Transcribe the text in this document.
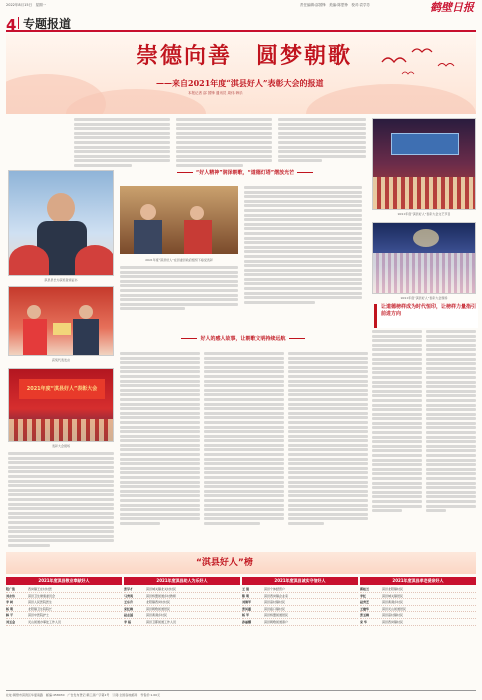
2022年8月15日　星期一	责任编辑:邵国锋　美编:陈思铮　校对:袁学芳	鹤壁日报
4 专题报道
崇德向善　圆梦朝歌
——来自2021年度“淇县好人”表彰大会的报道
本报记者 邵 国锋 通讯员 周伟 韩乐
淇县县长为获奖者颁证书
获奖代表发言
2021年度“淇县好人”表彰大会
表彰大会现场
“好人精神”润泽朝歌，“道德灯塔”熠放光芒
2021年度“淇县好人”在县委县政府组织下接受表彰
好人的感人故事，让朝歌文明持续远航
2021年度“淇县好人”表彰大会文艺节目
2021年度“淇县好人”表彰大会现场
让道德榜样成为时代恒印，让榜样力量指引前进方向
“淇县好人”榜
2021年度淇县敬业奉献好人
程广铭	西岗镇王庄村村医
刘永伟	淇县卫生健康委员会
李 柯	淇县人民医院医生
杨 明	北阳镇卫生院院长
韩 平	淇县中医院护士
刘玉金	灵山街道办事处工作人员
2021年度淇县助人为乐好人
张学才	淇县城关镇北关村村民
马秀英	淇县桥盟街道乡村教师
王东升	北阳镇西岗村村民
宋红梅	淇县朝歌街道居民
赵志国	淇县黄洞乡村民
李 娟	淇县卫都街道工作人员
2021年度淇县诚实守信好人
王 强	淇县个体经营户
陈 明	淇县西岗镇企业家
刘海军	淇县高村镇村民
张凤霞	淇县庙口镇村民
杨 军	淇县桥盟街道居民
孙丽娜	淇县朝歌街道商户
2021年度淇县孝老爱亲好人
郭桂兰	淇县北阳镇村民
李红	淇县城关镇居民
赵秀芝	淇县黄洞乡村民
王建华	淇县灵山街道居民
张玉梅	淇县高村镇村民
宋 华	淇县西岗镇村民
社址:鹤壁市淇滨区华夏南路　邮编:458030　广告发布登记:鹤工商广字第1号　订阅:全国各地邮局　零售价:1.00元
